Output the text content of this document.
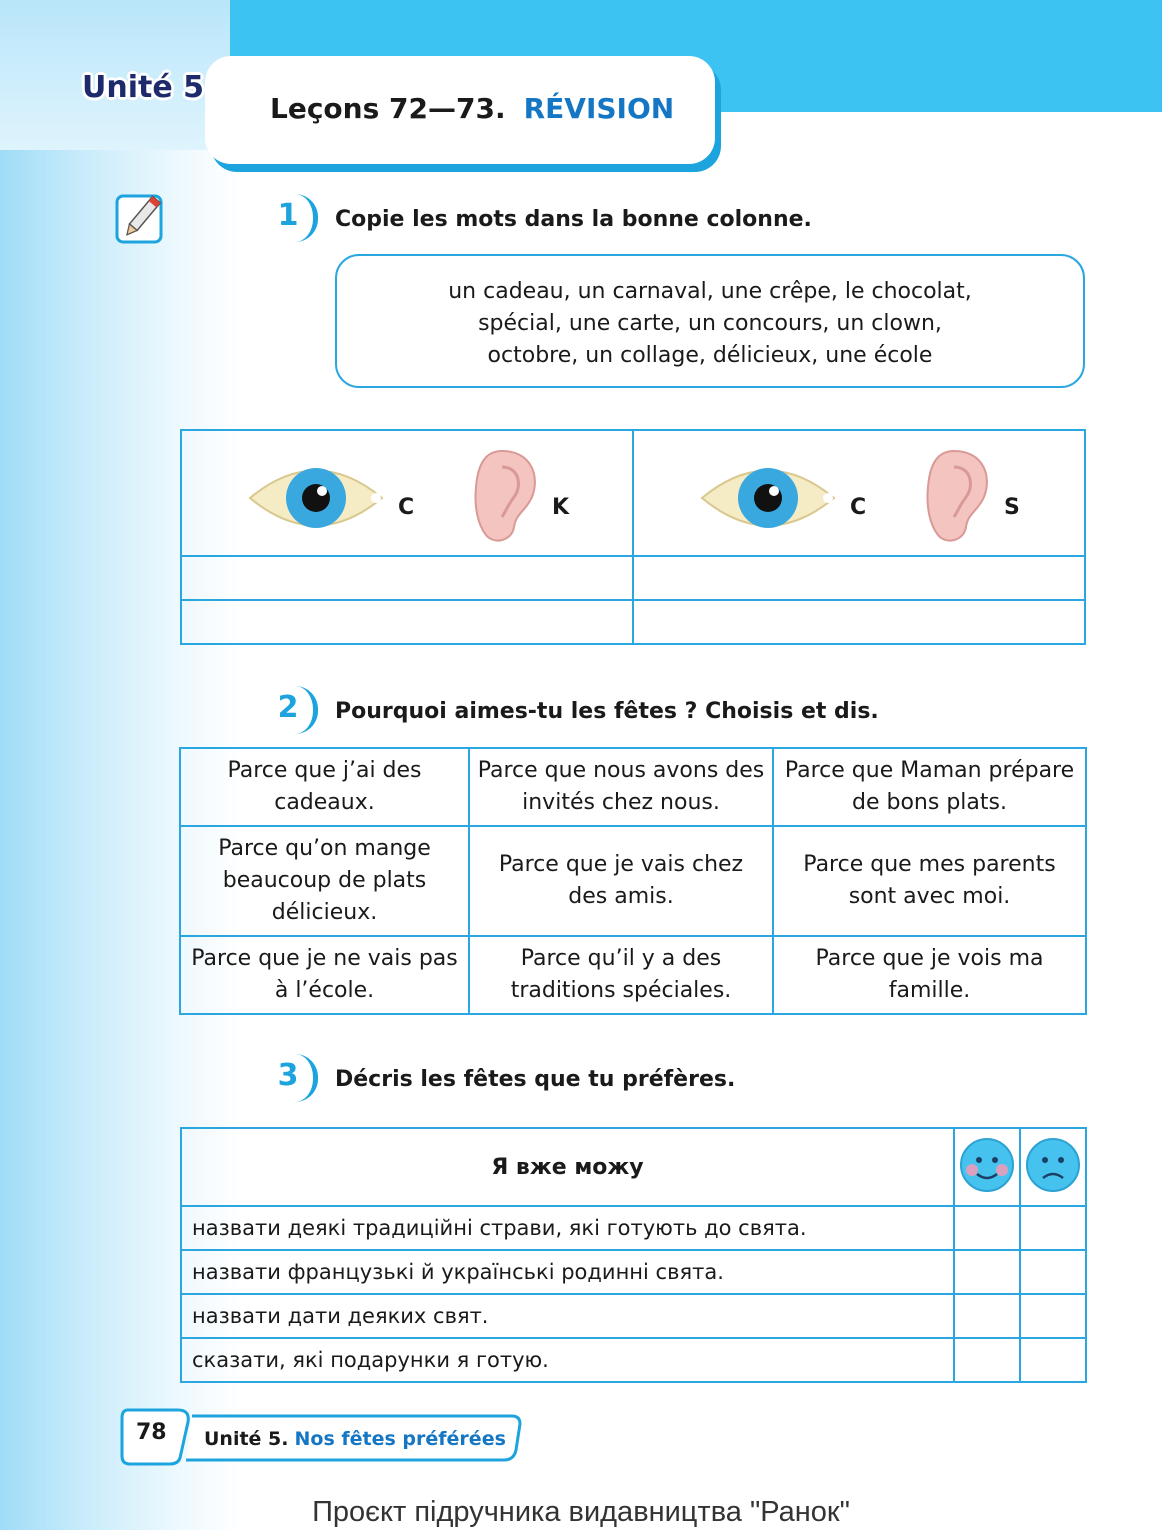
Unité 5
Leçons 72—73. RÉVISION
1	Copie les mots dans la bonne colonne.
un cadeau, un carnaval, une crêpe, le chocolat,
spécial, une carte, un concours, un clown,
octobre, un collage, délicieux, une école
C K	C S

2	Pourquoi aimes-tu les fêtes ? Choisis et dis.
Parce que j’ai des cadeaux.	Parce que nous avons des invités chez nous.	Parce que Maman prépare de bons plats.
Parce qu’on mange beaucoup de plats délicieux.	Parce que je vais chez des amis.	Parce que mes parents sont avec moi.
Parce que je ne vais pas à l’école.	Parce qu’il y a des traditions spéciales.	Parce que je vois ma famille.
3	Décris les fêtes que tu préfères.
Я вже можу		
назвати деякі традиційні страви, які готують до свята.		
назвати французькі й українські родинні свята.		
назвати дати деяких свят.		
сказати, які подарунки я готую.		
78 Unité 5. Nos fêtes préférées
Проєкт підручника видавництва "Ранок"
